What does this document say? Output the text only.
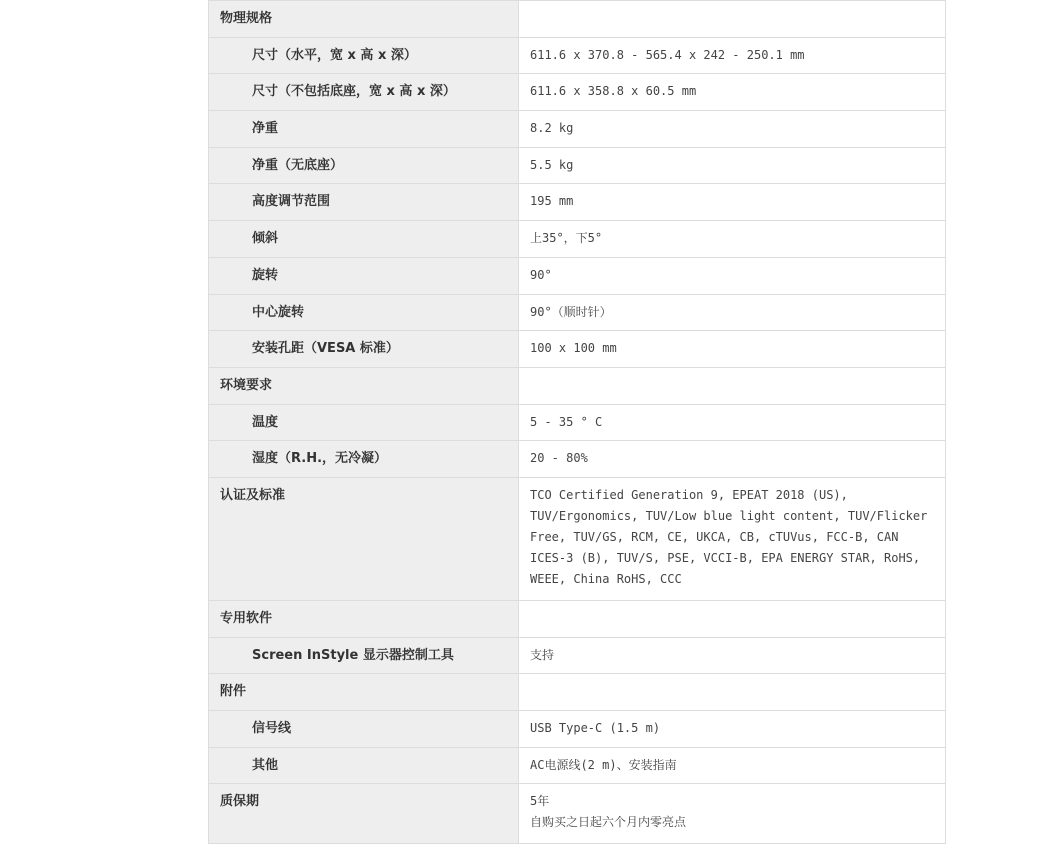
物理规格	
尺寸（水平，宽 x 高 x 深）	611.6 x 370.8 - 565.4 x 242 - 250.1 mm
尺寸（不包括底座，宽 x 高 x 深）	611.6 x 358.8 x 60.5 mm
净重	8.2 kg
净重（无底座）	5.5 kg
高度调节范围	195 mm
倾斜	上35°，下5°
旋转	90°
中心旋转	90°（顺时针）
安装孔距（VESA 标准）	100 x 100 mm
环境要求	
温度	5 - 35 ° C
湿度（R.H.，无冷凝）	20 - 80%
认证及标准	TCO Certified Generation 9, EPEAT 2018 (US), TUV/Ergonomics, TUV/Low blue light content, TUV/Flicker Free, TUV/GS, RCM, CE, UKCA, CB, cTUVus, FCC-B, CAN ICES-3 (B), TUV/S, PSE, VCCI-B, EPA ENERGY STAR, RoHS, WEEE, China RoHS, CCC
专用软件	
Screen InStyle 显示器控制工具	支持
附件	
信号线	USB Type-C (1.5 m)
其他	AC电源线(2 m)、安装指南
质保期	5年
自购买之日起六个月内零亮点
